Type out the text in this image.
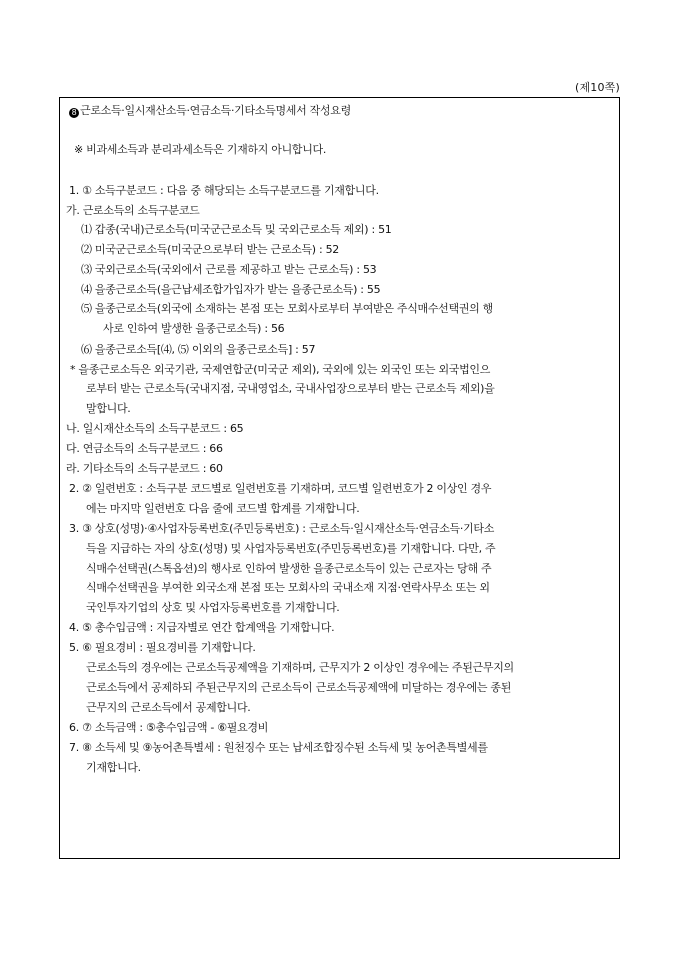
(제10쪽)
8 근로소득·일시재산소득·연금소득·기타소득명세서 작성요령
※ 비과세소득과 분리과세소득은 기재하지 아니합니다.
1. ① 소득구분코드 : 다음 중 해당되는 소득구분코드를 기재합니다.
가. 근로소득의 소득구분코드
⑴ 갑종(국내)근로소득(미국군근로소득 및 국외근로소득 제외) : 51
⑵ 미국군근로소득(미국군으로부터 받는 근로소득) : 52
⑶ 국외근로소득(국외에서 근로를 제공하고 받는 근로소득) : 53
⑷ 을종근로소득(을근납세조합가입자가 받는 을종근로소득) : 55
⑸ 을종근로소득(외국에 소재하는 본점 또는 모회사로부터 부여받은 주식매수선택권의 행
사로 인하여 발생한 을종근로소득) : 56
⑹ 을종근로소득[⑷, ⑸ 이외의 을종근로소득] : 57
* 을종근로소득은 외국기관, 국제연합군(미국군 제외), 국외에 있는 외국인 또는 외국법인으
로부터 받는 근로소득(국내지점, 국내영업소, 국내사업장으로부터 받는 근로소득 제외)을
말합니다.
나. 일시재산소득의 소득구분코드 : 65
다. 연금소득의 소득구분코드 : 66
라. 기타소득의 소득구분코드 : 60
2. ② 일련번호 : 소득구분 코드별로 일련번호를 기재하며, 코드별 일련번호가 2 이상인 경우
에는 마지막 일련번호 다음 줄에 코드별 합계를 기재합니다.
3. ③ 상호(성명)·④사업자등록번호(주민등록번호) : 근로소득·일시재산소득·연금소득·기타소
득을 지급하는 자의 상호(성명) 및 사업자등록번호(주민등록번호)를 기재합니다. 다만, 주
식매수선택권(스톡옵션)의 행사로 인하여 발생한 을종근로소득이 있는 근로자는 당해 주
식매수선택권을 부여한 외국소재 본점 또는 모회사의 국내소재 지점·연락사무소 또는 외
국인투자기업의 상호 및 사업자등록번호를 기재합니다.
4. ⑤ 총수입금액 : 지급자별로 연간 합계액을 기재합니다.
5. ⑥ 필요경비 : 필요경비를 기재합니다.
근로소득의 경우에는 근로소득공제액을 기재하며, 근무지가 2 이상인 경우에는 주된근무지의
근로소득에서 공제하되 주된근무지의 근로소득이 근로소득공제액에 미달하는 경우에는 종된
근무지의 근로소득에서 공제합니다.
6. ⑦ 소득금액 : ⑤총수입금액 - ⑥필요경비
7. ⑧ 소득세 및 ⑨농어촌특별세 : 원천징수 또는 납세조합징수된 소득세 및 농어촌특별세를
기재합니다.
